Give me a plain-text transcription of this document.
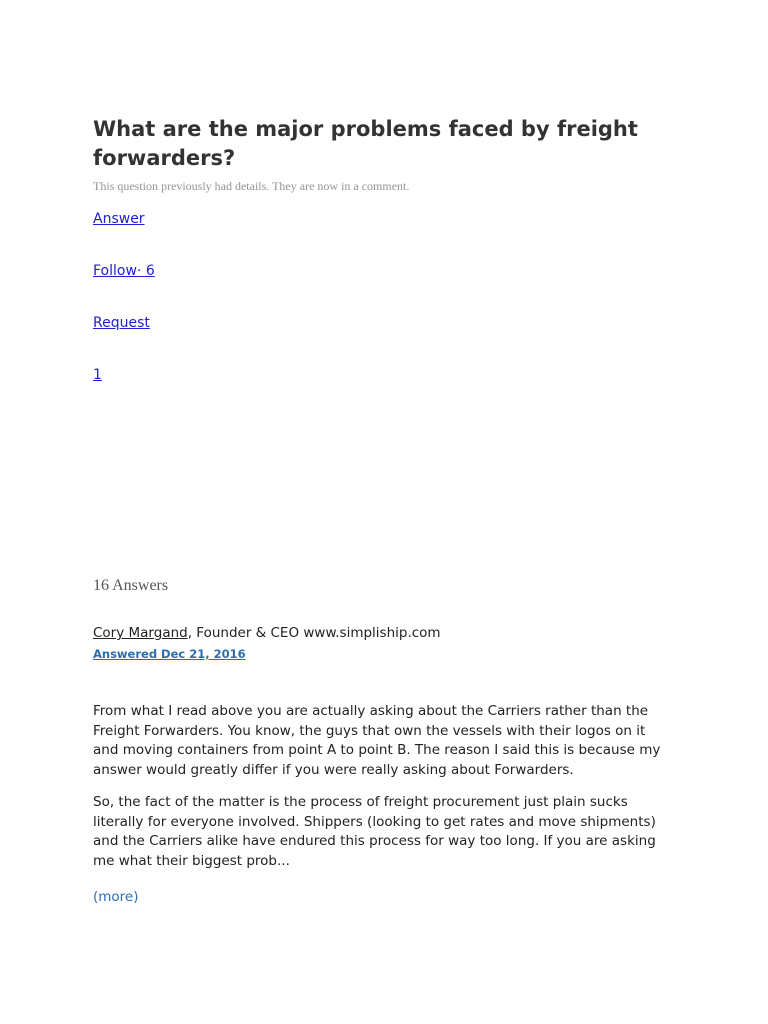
What are the major problems faced by freight forwarders?
This question previously had details. They are now in a comment.
Answer
Follow· 6
Request
1
16 Answers
Cory Margand, Founder & CEO www.simpliship.com
Answered Dec 21, 2016

From what I read above you are actually asking about the Carriers rather than the Freight Forwarders. You know, the guys that own the vessels with their logos on it and moving containers from point A to point B. The reason I said this is because my answer would greatly differ if you were really asking about Forwarders.

So, the fact of the matter is the process of freight procurement just plain sucks literally for everyone involved. Shippers (looking to get rates and move shipments) and the Carriers alike have endured this process for way too long. If you are asking me what their biggest prob...

(more)
